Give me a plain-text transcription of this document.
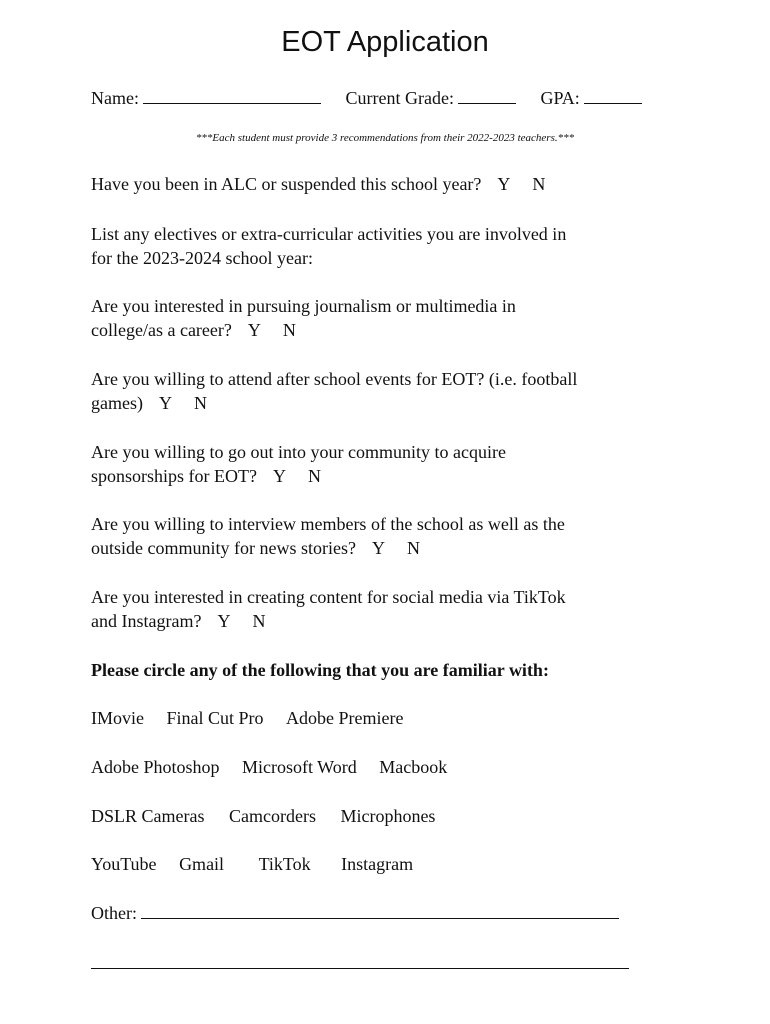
EOT Application
Name:	Current Grade:	GPA:
***Each student must provide 3 recommendations from their 2022-2023 teachers.***
Have you been in ALC or suspended this school year? Y N
List any electives or extra-curricular activities you are involved in
for the 2023-2024 school year:
Are you interested in pursuing journalism or multimedia in
college/as a career? Y N
Are you willing to attend after school events for EOT? (i.e. football
games) Y N
Are you willing to go out into your community to acquire
sponsorships for EOT? Y N
Are you willing to interview members of the school as well as the
outside community for news stories? Y N
Are you interested in creating content for social media via TikTok
and Instagram? Y N
Please circle any of the following that you are familiar with:
IMovie Final Cut Pro Adobe Premiere
Adobe Photoshop Microsoft Word Macbook
DSLR Cameras Camcorders Microphones
YouTube Gmail TikTok Instagram
Other:
